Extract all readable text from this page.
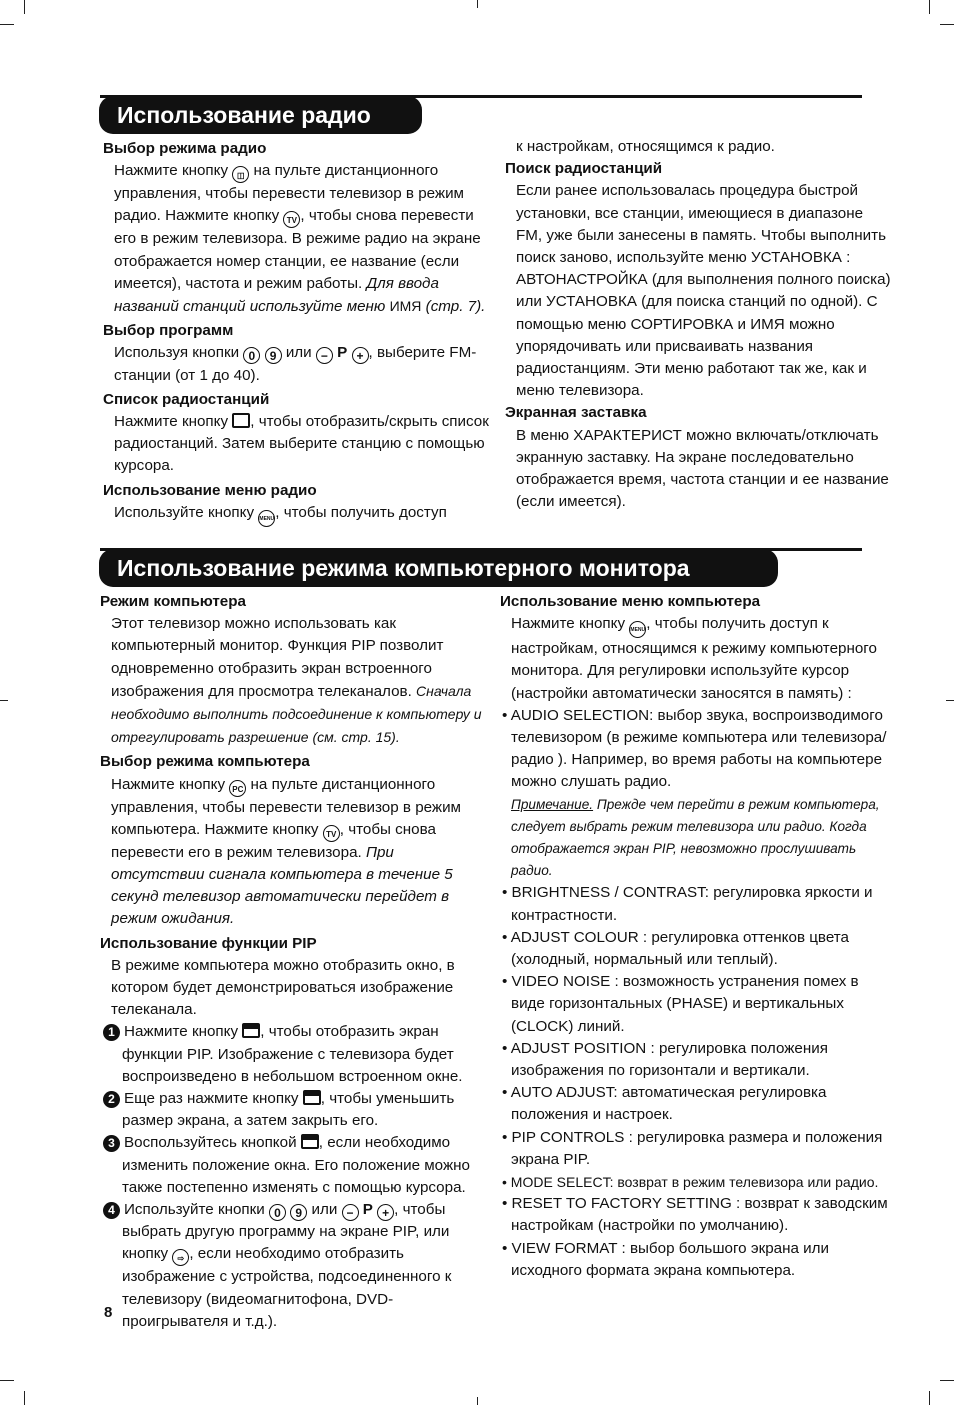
Использование радио
Выбор режима радио

Нажмите кнопку ◫ на пульте дистанционного управления, чтобы перевести телевизор в режим радио. Нажмите кнопку TV , чтобы снова перевести его в режим телевизора. В режиме радио на экране отображается номер станции, ее название (если имеется), частота и режим работы. Для ввода названий станций используйте меню ИМЯ (стр. 7).

Выбор программ

Используя кнопки 0 9 или − P + , выберите FM-станции (от 1 до 40).

Список радиостанций

Нажмите кнопку , чтобы отобразить/скрыть список радиостанций. Затем выберите станцию с помощью курсора.

Использование меню радио

Используйте кнопку MENU, чтобы получить доступ

к настройкам, относящимся к радио.

Поиск радиостанций

Если ранее использовалась процедура быстрой установки, все станции, имеющиеся в диапазоне FM, уже были занесены в память. Чтобы выполнить поиск заново, используйте меню УСТАНОВКА : АВТОНАСТРОЙКА (для выполнения полного поиска) или УСТАНОВКА (для поиска станций по одной). С помощью меню СОРТИРОВКА и ИМЯ можно упорядочивать или присваивать названия радиостанциям. Эти меню работают так же, как и меню телевизора.

Экранная заставка

В меню ХАРАКТЕРИСТ можно включать/отключать экранную заставку. На экране последовательно отображается время, частота станции и ее название (если имеется).

Использование режима компьютерного монитора
Режим компьютера

Этот телевизор можно использовать как компьютерный монитор. Функция PIP позволит одновременно отобразить экран встроенного изображения для просмотра телеканалов. Сначала необходимо выполнить подсоединение к компьютеру и отрегулировать разрешение (см. стр. 15).

Выбор режима компьютера

Нажмите кнопку PC на пульте дистанционного управления, чтобы перевести телевизор в режим компьютера. Нажмите кнопку TV , чтобы снова перевести его в режим телевизора. При отсутствии сигнала компьютера в течение 5 секунд телевизор автоматически перейдет в режим ожидания.

Использование функции PIP

В режиме компьютера можно отобразить окно, в котором будет демонстрироваться изображение телеканала.

1 Нажмите кнопку , чтобы отобразить экран функции PIP. Изображение с телевизора будет воспроизведено в небольшом встроенном окне.

2 Еще раз нажмите кнопку , чтобы уменьшить размер экрана, а затем закрыть его.

3 Воспользуйтесь кнопкой , если необходимо изменить положение окна. Его положение можно также постепенно изменять с помощью курсора.

4 Используйте кнопки 0 9 или − P + , чтобы выбрать другую программу на экране PIP, или кнопку ⇨ , если необходимо отобразить изображение с устройства, подсоединенного к телевизору (видеомагнитофона, DVD-проигрывателя и т.д.).

Использование меню компьютера

Нажмите кнопку MENU, чтобы получить доступ к настройкам, относящимся к режиму компьютерного монитора. Для регулировки используйте курсор (настройки автоматически заносятся в память) :

• AUDIO SELECTION: выбор звука, воспроизводимого телевизором (в режиме компьютера или телевизора/радио ). Например, во время работы на компьютере можно слушать радио.

Примечание. Прежде чем перейти в режим компьютера, следует выбрать режим телевизора или радио. Когда отображается экран PIP, невозможно прослушивать радио.

• BRIGHTNESS / CONTRAST: регулировка яркости и контрастности.

• ADJUST COLOUR : регулировка оттенков цвета (холодный, нормальный или теплый).

• VIDEO NOISE : возможность устранения помех в виде горизонтальных (PHASE) и вертикальных (CLOCK) линий.

• ADJUST POSITION : регулировка положения изображения по горизонтали и вертикали.

• AUTO ADJUST: автоматическая регулировка положения и настроек.

• PIP CONTROLS : регулировка размера и положения экрана PIP.

• MODE SELECT: возврат в режим телевизора или радио.

• RESET TO FACTORY SETTING : возврат к заводским настройкам (настройки по умолчанию).

• VIEW FORMAT : выбор большого экрана или исходного формата экрана компьютера.

8
